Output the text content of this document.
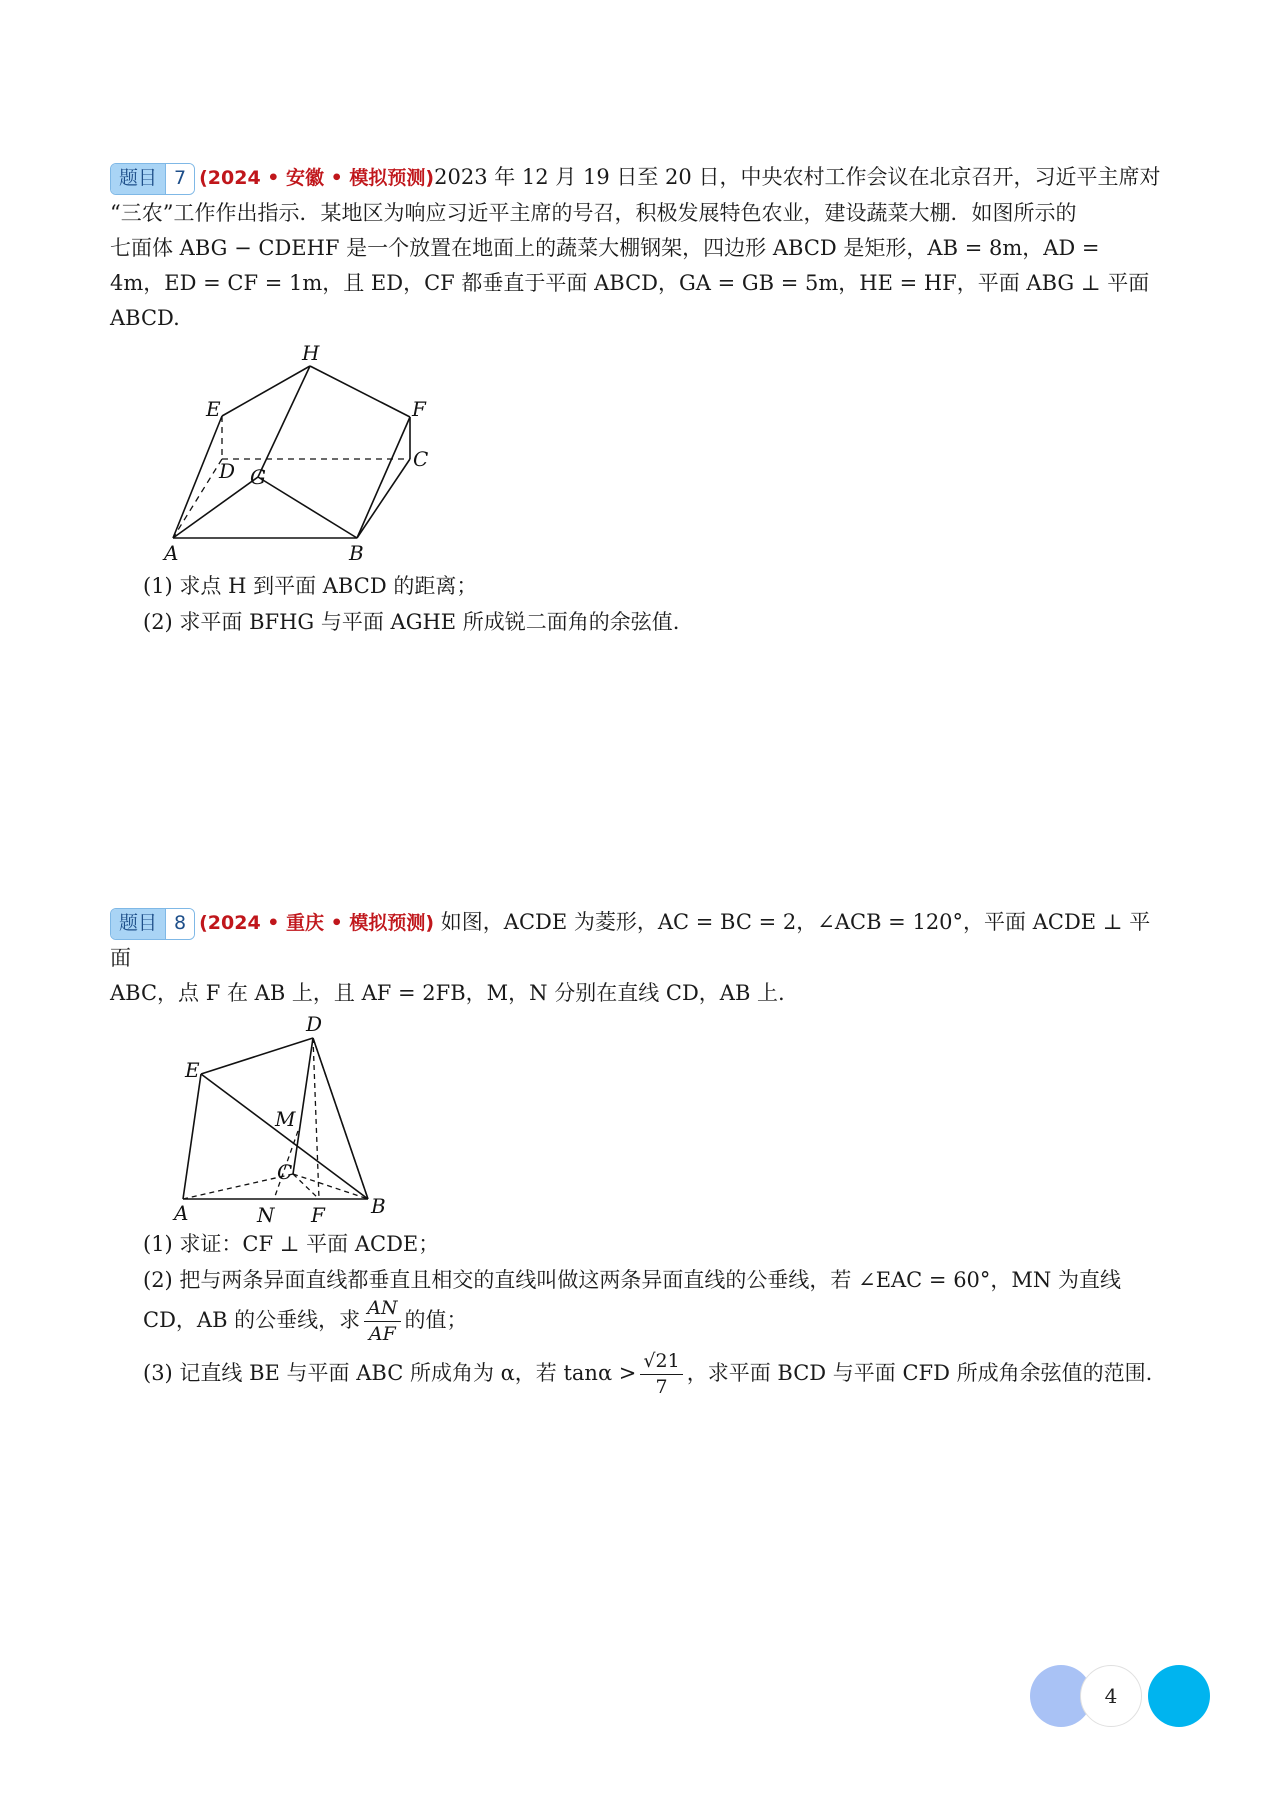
题目 7 (2024 • 安徽 • 模拟预测)2023 年 12 月 19 日至 20 日，中央农村工作会议在北京召开，习近平主席对
“三农”工作作出指示．某地区为响应习近平主席的号召，积极发展特色农业，建设蔬菜大棚．如图所示的
七面体 ABG − CDEHF 是一个放置在地面上的蔬菜大棚钢架，四边形 ABCD 是矩形，AB = 8m，AD =
4m，ED = CF = 1m，且 ED，CF 都垂直于平面 ABCD，GA = GB = 5m，HE = HF，平面 ABG ⊥ 平面
ABCD.

H
E	F
D G
C
A	B

(1) 求点 H 到平面 ABCD 的距离；

(2) 求平面 BFHG 与平面 AGHE 所成锐二面角的余弦值.

题目 8 (2024 • 重庆 • 模拟预测) 如图，ACDE 为菱形，AC = BC = 2，∠ACB = 120°，平面 ACDE ⊥ 平面
ABC，点 F 在 AB 上，且 AF = 2FB，M，N 分别在直线 CD，AB 上.

D
E
M
C
A	N F B

(1) 求证：CF ⊥ 平面 ACDE；

(2) 把与两条异面直线都垂直且相交的直线叫做这两条异面直线的公垂线，若 ∠EAC = 60°，MN 为直线
CD，AB 的公垂线，求 $\frac{AN}{AF}$ 的值；

(3) 记直线 BE 与平面 ABC 所成角为 α，若 $\tan\alpha > \frac{√21}{7}$ ，求平面 BCD 与平面 CFD 所成角余弦值的范围.

4
